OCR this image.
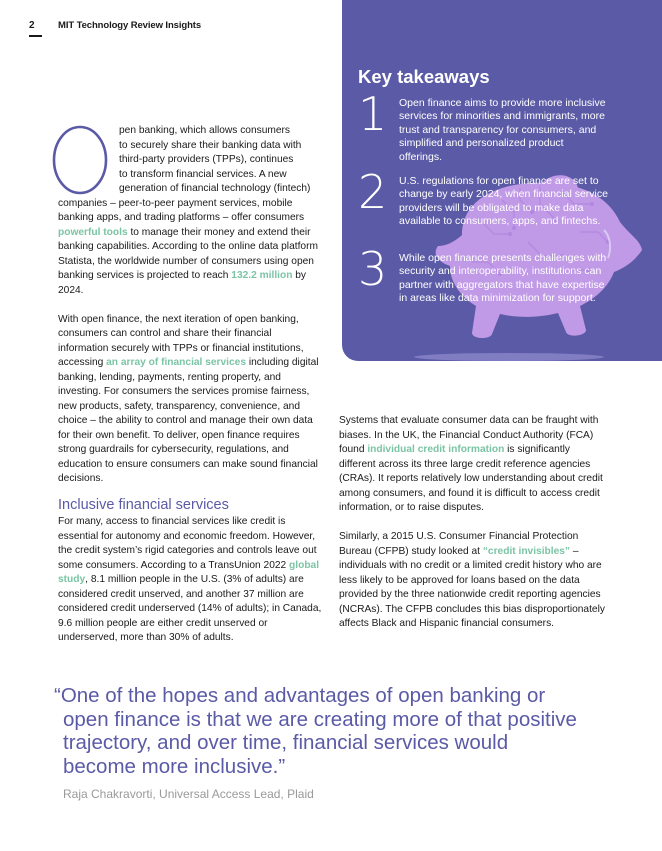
2 MIT Technology Review Insights
Key takeaways
1 Open finance aims to provide more inclusive services for minorities and immigrants, more trust and transparency for consumers, and simplified and personalized product offerings.
2 U.S. regulations for open finance are set to change by early 2024, when financial service providers will be obligated to make data available to consumers, apps, and fintechs.
3 While open finance presents challenges with security and interoperability, institutions can partner with aggregators that have expertise in areas like data minimization for support.
O

pen banking, which allows consumers
to securely share their banking data with
third-party providers (TPPs), continues
to transform financial services. A new
generation of financial technology (fintech)
companies – peer-to-peer payment services, mobile banking apps, and trading platforms – offer consumers powerful tools to manage their money and extend their banking capabilities. According to the online data platform Statista, the worldwide number of consumers using open banking services is projected to reach 132.2 million by 2024.

With open finance, the next iteration of open banking, consumers can control and share their financial information securely with TPPs or financial institutions, accessing an array of financial services including digital banking, lending, payments, renting property, and investing. For consumers the services promise fairness, new products, safety, transparency, convenience, and choice – the ability to control and manage their own data for their own benefit. To deliver, open finance requires strong guardrails for cybersecurity, regulations, and education to ensure consumers can make sound financial decisions.

Inclusive financial services

For many, access to financial services like credit is essential for autonomy and economic freedom. However, the credit system’s rigid categories and controls leave out some consumers. According to a TransUnion 2022 global study, 8.1 million people in the U.S. (3% of adults) are considered credit unserved, and another 37 million are considered credit underserved (14% of adults); in Canada, 9.6 million people are either credit unserved or underserved, more than 30% of adults.

Systems that evaluate consumer data can be fraught with biases. In the UK, the Financial Conduct Authority (FCA) found individual credit information is significantly different across its three large credit reference agencies (CRAs). It reports relatively low understanding about credit among consumers, and found it is difficult to access credit information, or to raise disputes.

Similarly, a 2015 U.S. Consumer Financial Protection Bureau (CFPB) study looked at “credit invisibles” – individuals with no credit or a limited credit history who are less likely to be approved for loans based on the data provided by the three nationwide credit reporting agencies (NCRAs). The CFPB concludes this bias disproportionately affects Black and Hispanic financial consumers.

“One of the hopes and advantages of open banking or
open finance is that we are creating more of that positive
trajectory, and over time, financial services would
become more inclusive.”
Raja Chakravorti, Universal Access Lead, Plaid
